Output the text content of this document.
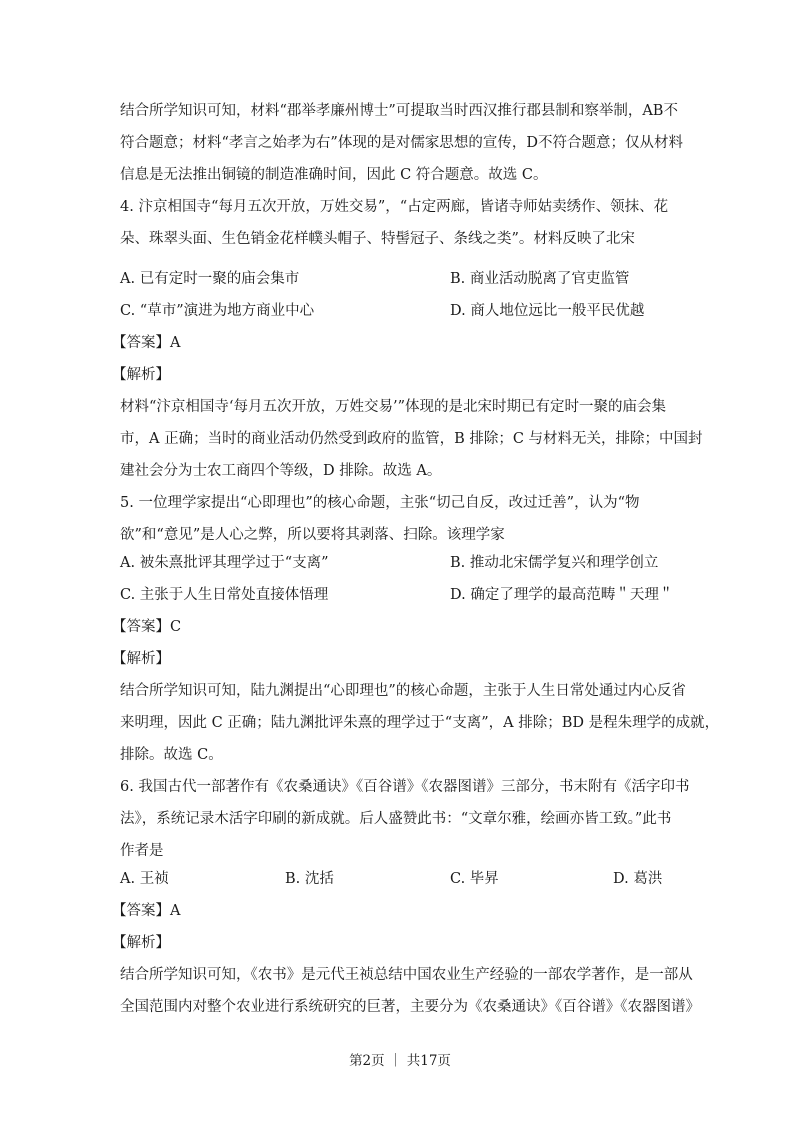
结合所学知识可知，材料“郡举孝廉州博士”可提取当时西汉推行郡县制和察举制，AB不
符合题意；材料“孝言之始孝为右”体现的是对儒家思想的宣传，D不符合题意；仅从材料
信息是无法推出铜镜的制造准确时间，因此 C 符合题意。故选 C。
4. 汴京相国寺“每月五次开放，万姓交易”，“占定两廊，皆诸寺师姑卖绣作、领抹、花
朵、珠翠头面、生色销金花样幞头帽子、特髻冠子、条线之类”。材料反映了北宋
A. 已有定时一聚的庙会集市	B. 商业活动脱离了官吏监管
C. “草市”演进为地方商业中心	D. 商人地位远比一般平民优越
【答案】A
【解析】
材料“汴京相国寺‘每月五次开放，万姓交易’”体现的是北宋时期已有定时一聚的庙会集
市，A 正确；当时的商业活动仍然受到政府的监管，B 排除；C 与材料无关，排除；中国封
建社会分为士农工商四个等级，D 排除。故选 A。
5. 一位理学家提出“心即理也”的核心命题，主张“切己自反，改过迁善”，认为“物
欲”和“意见”是人心之弊，所以要将其剥落、扫除。该理学家
A. 被朱熹批评其理学过于“支离”	B. 推动北宋儒学复兴和理学创立
C. 主张于人生日常处直接体悟理	D. 确定了理学的最高范畴＂天理＂
【答案】C
【解析】
结合所学知识可知，陆九渊提出“心即理也”的核心命题，主张于人生日常处通过内心反省
来明理，因此 C 正确；陆九渊批评朱熹的理学过于“支离”，A 排除；BD 是程朱理学的成就，
排除。故选 C。
6. 我国古代一部著作有《农桑通诀》《百谷谱》《农器图谱》三部分，书末附有《活字印书
法》，系统记录木活字印刷的新成就。后人盛赞此书：“文章尔雅，绘画亦皆工致。”此书
作者是
A. 王祯	B. 沈括	C. 毕昇	D. 葛洪
【答案】A
【解析】
结合所学知识可知，《农书》是元代王祯总结中国农业生产经验的一部农学著作，是一部从
全国范围内对整个农业进行系统研究的巨著，主要分为《农桑通诀》《百谷谱》《农器图谱》
第2页 ｜ 共17页
